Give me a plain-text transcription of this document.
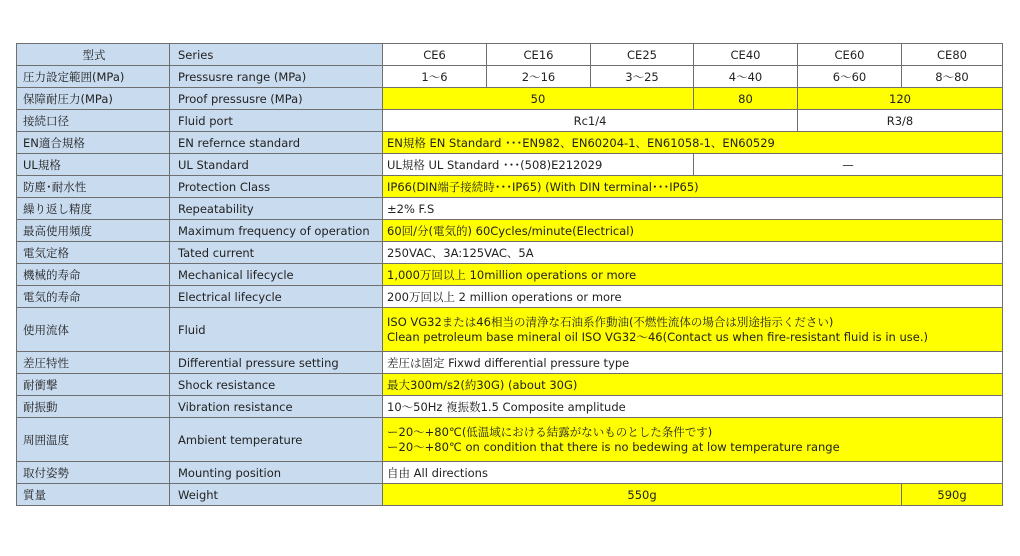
型式	Series	CE6	CE16	CE25	CE40	CE60	CE80
圧力設定範囲(MPa)	Pressusre range (MPa)	1〜6	2〜16	3〜25	4〜40	6〜60	8〜80
保障耐圧力(MPa)	Proof pressusre (MPa)	50			80	120	
接続口径	Fluid port	Rc1/4				R3/8	
EN適合規格	EN refernce standard	EN規格 EN Standard ･･･EN982、EN60204-1、EN61058-1、EN60529					
UL規格	UL Standard	UL規格 UL Standard ･･･(508)E212029			—		
防塵･耐水性	Protection Class	IP66(DIN端子接続時･･･IP65) (With DIN terminal･･･IP65)					
繰り返し精度	Repeatability	±2% F.S					
最高使用頻度	Maximum frequency of operation	60回/分(電気的) 60Cycles/minute(Electrical)					
電気定格	Tated current	250VAC、3A:125VAC、5A					
機械的寿命	Mechanical lifecycle	1,000万回以上 10million operations or more					
電気的寿命	Electrical lifecycle	200万回以上 2 million operations or more					
使用流体	Fluid	ISO VG32または46相当の清浄な石油系作動油(不燃性流体の場合は別途指示ください)
Clean petroleum base mineral oil ISO VG32〜46(Contact us when fire-resistant fluid is in use.)					

差圧特性	Differential pressure setting	差圧は固定 Fixwd differential pressure type					
耐衝撃	Shock resistance	最大300m/s2(約30G) (about 30G)					
耐振動	Vibration resistance	10〜50Hz 複振数1.5 Composite amplitude					
周囲温度	Ambient temperature	ー20〜+80℃(低温域における結露がないものとした条件です)
ー20〜+80℃ on condition that there is no bedewing at low temperature range					

取付姿勢	Mounting position	自由 All directions					
質量	Weight	550g					590g
